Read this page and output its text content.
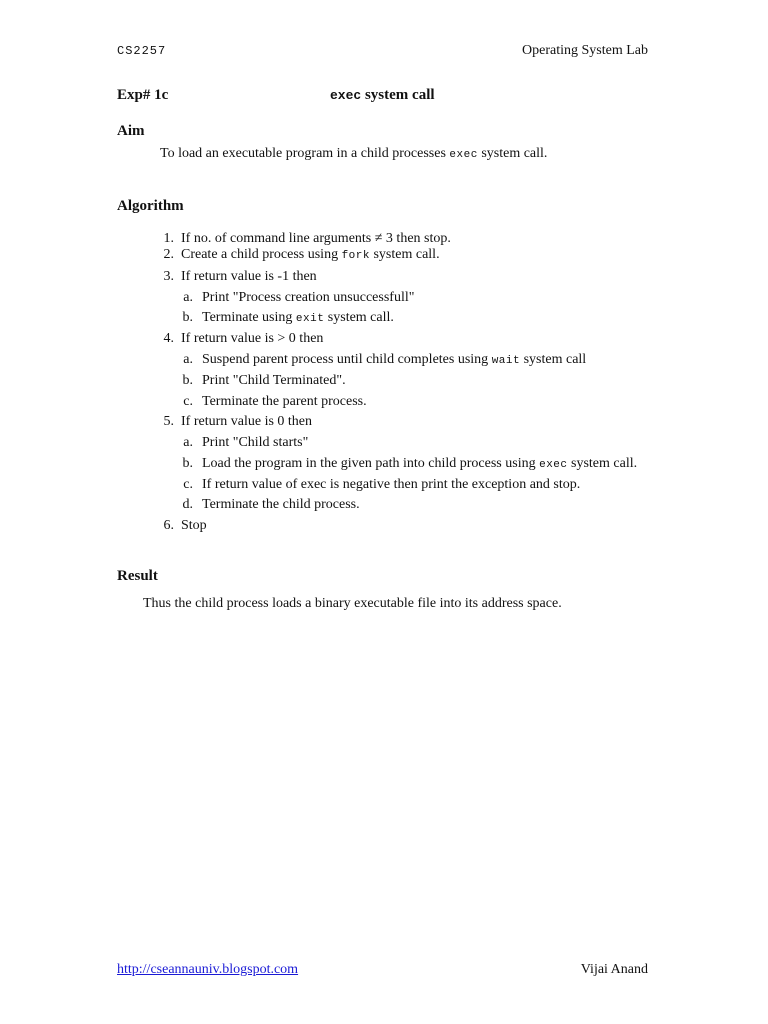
CS2257	Operating System Lab
Exp# 1c	exec system call
Aim
To load an executable program in a child processes exec system call.
Algorithm
1. If no. of command line arguments ≠ 3 then stop.
2. Create a child process using fork system call.
3. If return value is -1 then
a. Print "Process creation unsuccessfull"
b. Terminate using exit system call.
4. If return value is > 0 then
a. Suspend parent process until child completes using wait system call
b. Print "Child Terminated".
c. Terminate the parent process.
5. If return value is 0 then
a. Print "Child starts"
b. Load the program in the given path into child process using exec system call.
c. If return value of exec is negative then print the exception and stop.
d. Terminate the child process.
6. Stop
Result
Thus the child process loads a binary executable file into its address space.
http://cseannauniv.blogspot.com	Vijai Anand
